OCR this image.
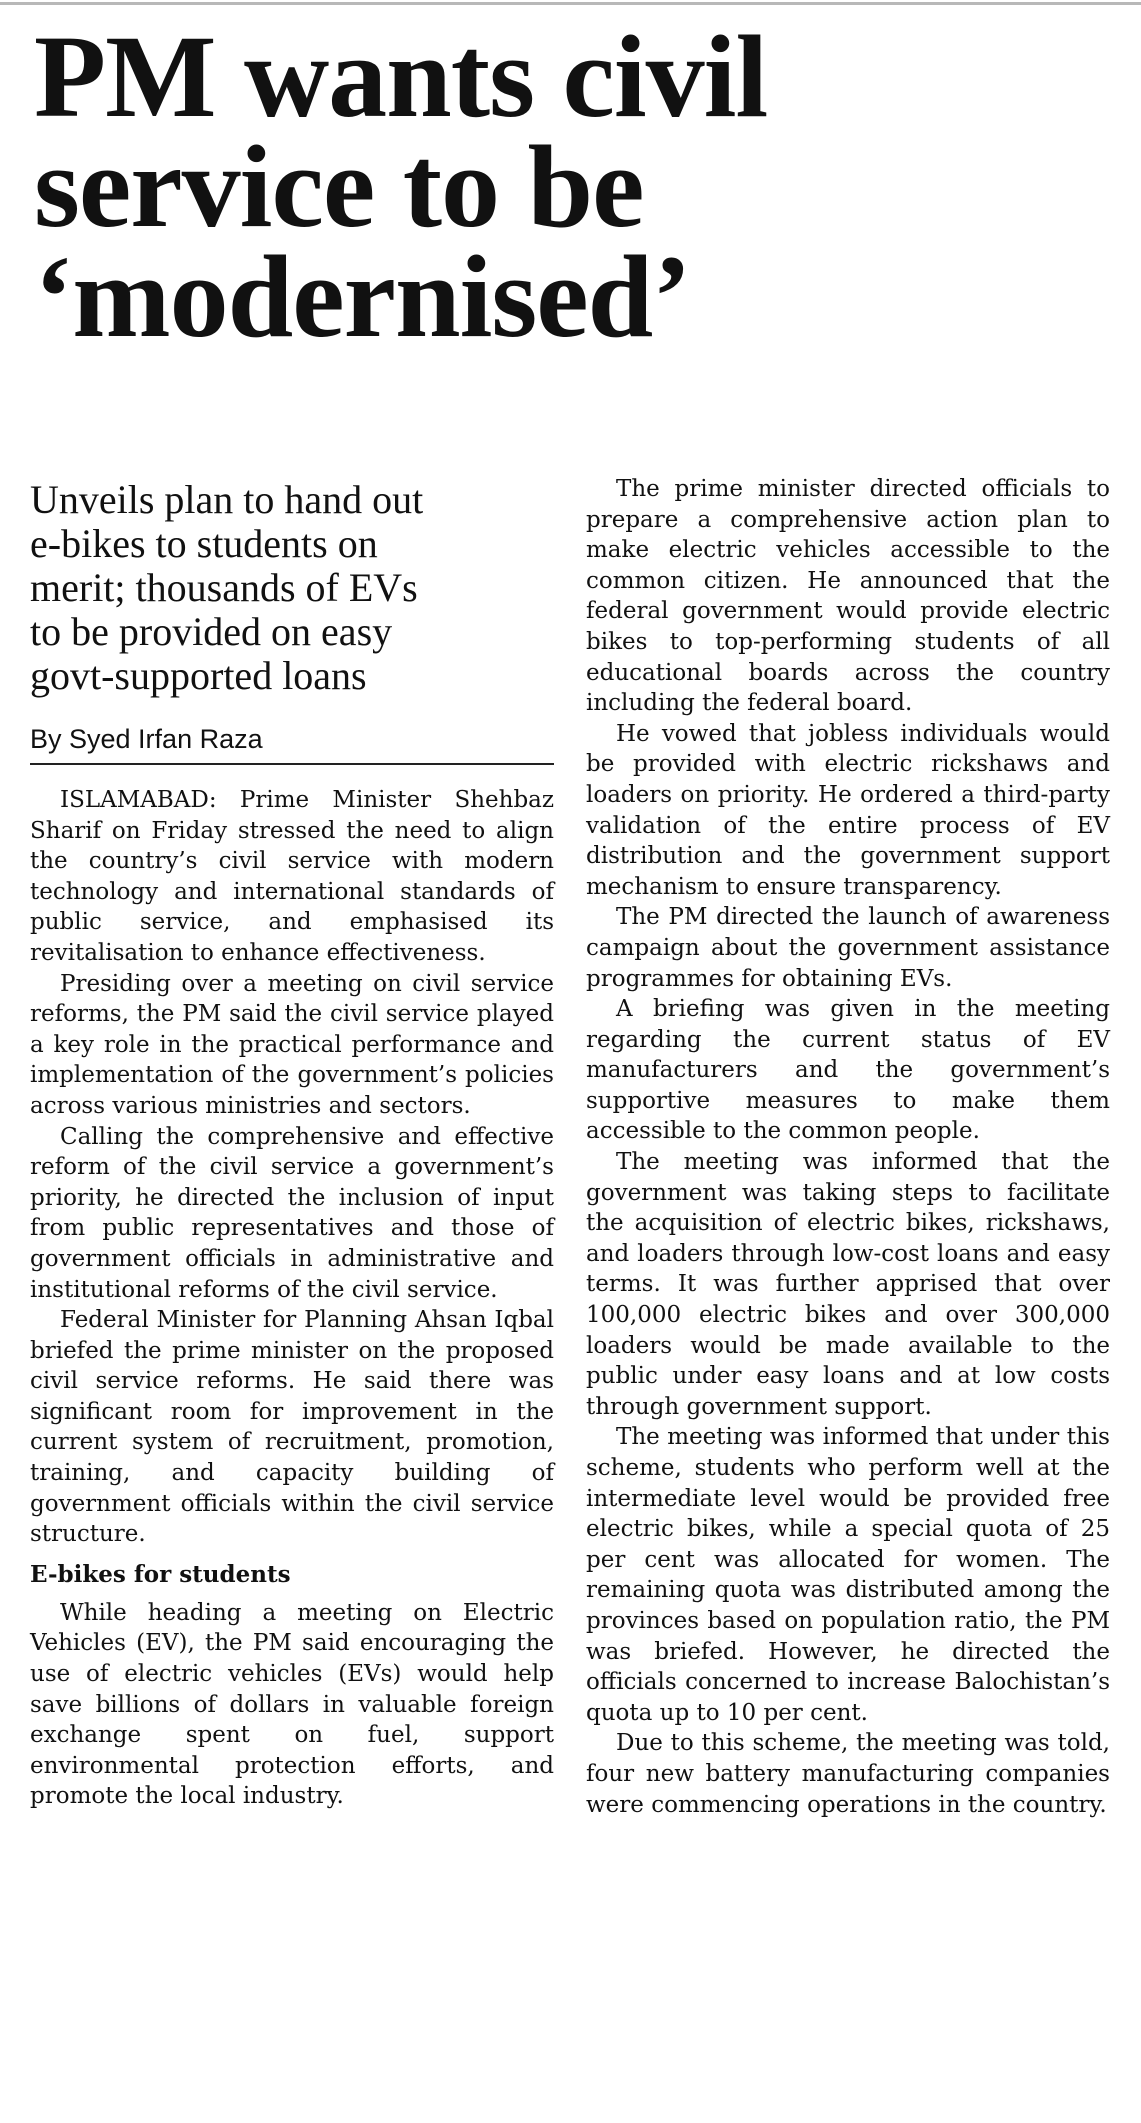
PM wants civil
service to be
‘modernised’
Unveils plan to hand out
e-bikes to students on
merit; thousands of EVs
to be provided on easy
govt-supported loans
By Syed Irfan Raza

ISLAMABAD: Prime Minister Shehbaz Sharif on Friday stressed the need to align the country’s civil service with modern technology and international standards of public service, and emphasised its revitalisation to enhance effectiveness.

Presiding over a meeting on civil service reforms, the PM said the civil service played a key role in the practical performance and implementation of the government’s policies across various ministries and sectors.

Calling the comprehensive and effective reform of the civil service a government’s priority, he directed the inclusion of input from public representatives and those of government officials in administrative and institutional reforms of the civil service.

Federal Minister for Planning Ahsan Iqbal briefed the prime minister on the proposed civil service reforms. He said there was significant room for improvement in the current system of recruitment, promotion, training, and capacity building of government officials within the civil service structure.

E-bikes for students

While heading a meeting on Electric Vehicles (EV), the PM said encouraging the use of electric vehicles (EVs) would help save billions of dollars in valuable foreign exchange spent on fuel, support environmental protection efforts, and promote the local industry.

The prime minister directed officials to prepare a comprehensive action plan to make electric vehicles accessible to the common citizen. He announced that the federal government would provide electric bikes to top-performing students of all educational boards across the country including the federal board.

He vowed that jobless individuals would be provided with electric rickshaws and loaders on priority. He ordered a third-party validation of the entire process of EV distribution and the government support mechanism to ensure transparency.

The PM directed the launch of awareness campaign about the government assistance programmes for obtaining EVs.

A briefing was given in the meeting regarding the current status of EV manufacturers and the government’s supportive measures to make them accessible to the common people.

The meeting was informed that the government was taking steps to facilitate the acquisition of electric bikes, rickshaws, and loaders through low-cost loans and easy terms. It was further apprised that over 100,000 electric bikes and over 300,000 loaders would be made available to the public under easy loans and at low costs through government support.

The meeting was informed that under this scheme, students who perform well at the intermediate level would be provided free electric bikes, while a special quota of 25 per cent was allocated for women. The remaining quota was distributed among the provinces based on population ratio, the PM was briefed. However, he directed the officials concerned to increase Balochistan’s quota up to 10 per cent.

Due to this scheme, the meeting was told, four new battery manufacturing companies were commencing operations in the country.
